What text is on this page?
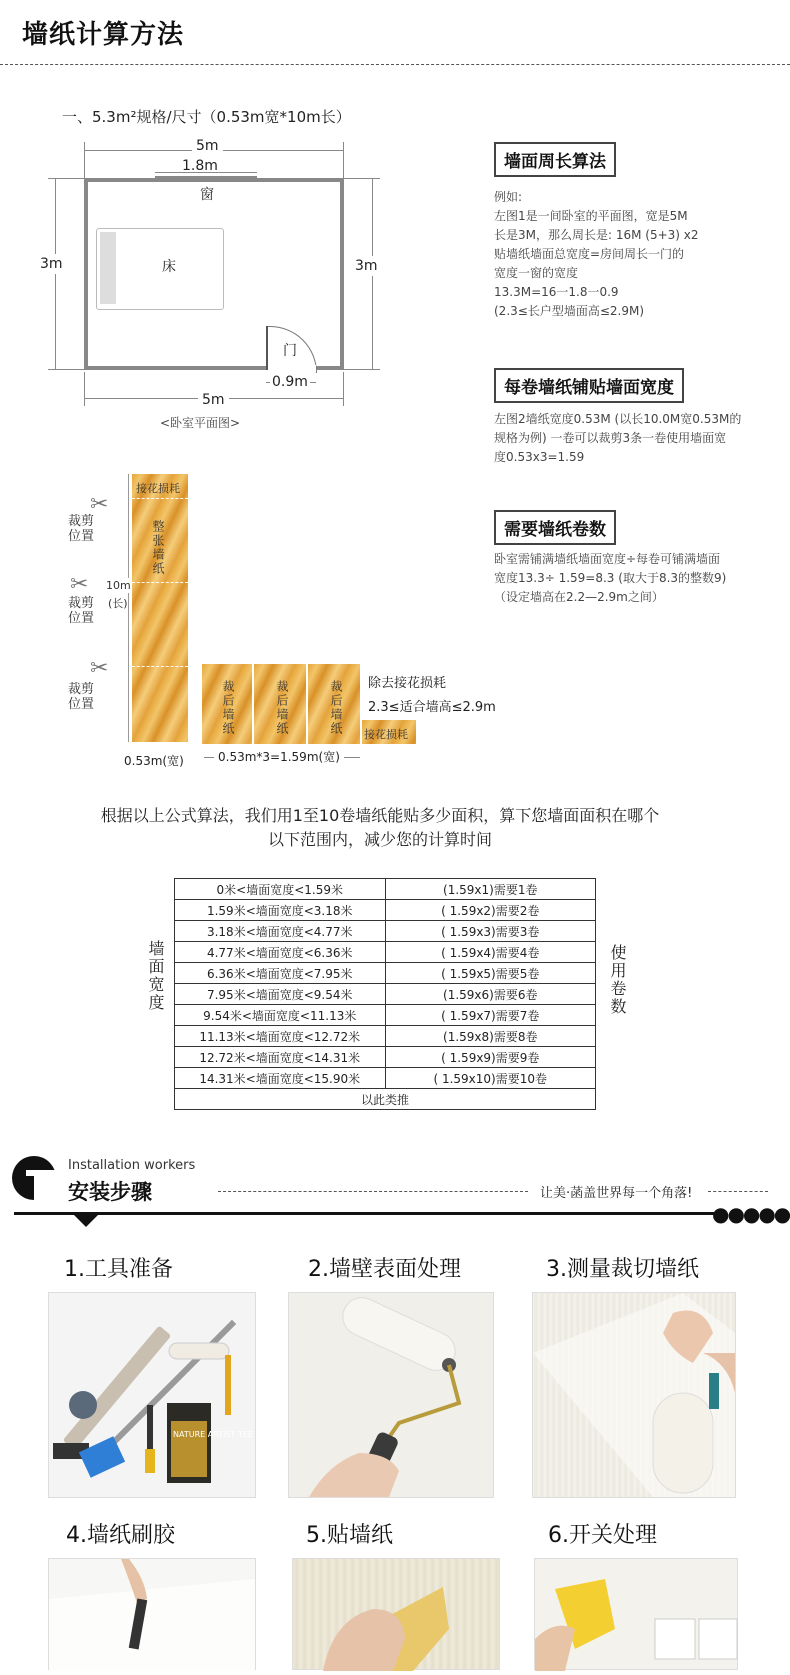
墙纸计算方法
一、5.3m²规格/尺寸（0.53m宽*10m长）
5m
1.8m
窗
床
门
0.9m
3m	3m
5m
<卧室平面图>
墙面周长算法
例如:
左图1是一间卧室的平面图，宽是5M
长是3M，那么周长是: 16M (5+3) x2
贴墙纸墙面总宽度=房间周长一门的
宽度一窗的宽度
13.3M=16一1.8一0.9
(2.3≤长户型墙面高≤2.9M)
每卷墙纸铺贴墙面宽度
左图2墙纸宽度0.53M (以长10.0M宽0.53M的
规格为例) 一卷可以裁剪3条一卷使用墙面宽
度0.53x3=1.59
需要墙纸卷数
卧室需铺满墙纸墙面宽度÷每卷可铺满墙面
宽度13.3÷ 1.59=8.3 (取大于8.3的整数9)
（设定墙高在2.2—2.9m之间）
接花损耗
整张墙纸
10m
(长)
✂
裁剪位置
✂
裁剪位置
✂
裁剪位置
0.53m(宽)
裁后墙纸	裁后墙纸	裁后墙纸 接花损耗
除去接花损耗
2.3≤适合墙高≤2.9m
0.53m*3=1.59m(宽)
根据以上公式算法，我们用1至10卷墙纸能贴多少面积，算下您墙面面积在哪个
以下范围内，减少您的计算时间
墙面宽度	使用卷数
0米<墙面宽度<1.59米	(1.59x1)需要1卷
1.59米<墙面宽度<3.18米	( 1.59x2)需要2卷
3.18米<墙面宽度<4.77米	( 1.59x3)需要3卷
4.77米<墙面宽度<6.36米	( 1.59x4)需要4卷
6.36米<墙面宽度<7.95米	( 1.59x5)需要5卷
7.95米<墙面宽度<9.54米	(1.59x6)需要6卷
9.54米<墙面宽度<11.13米	( 1.59x7)需要7卷
11.13米<墙面宽度<12.72米	(1.59x8)需要8卷
12.72米<墙面宽度<14.31米	( 1.59x9)需要9卷
14.31米<墙面宽度<15.90米	( 1.59x10)需要10卷
以此类推	
Installation workers
安装步骤	让美·菡盖世界每一个角落!
●●●●●
1.工具准备	2.墙壁表面处理	3.测量裁切墙纸
NATURE ARTIST TEE COMET
4.墙纸刷胶	5.贴墙纸	6.开关处理
